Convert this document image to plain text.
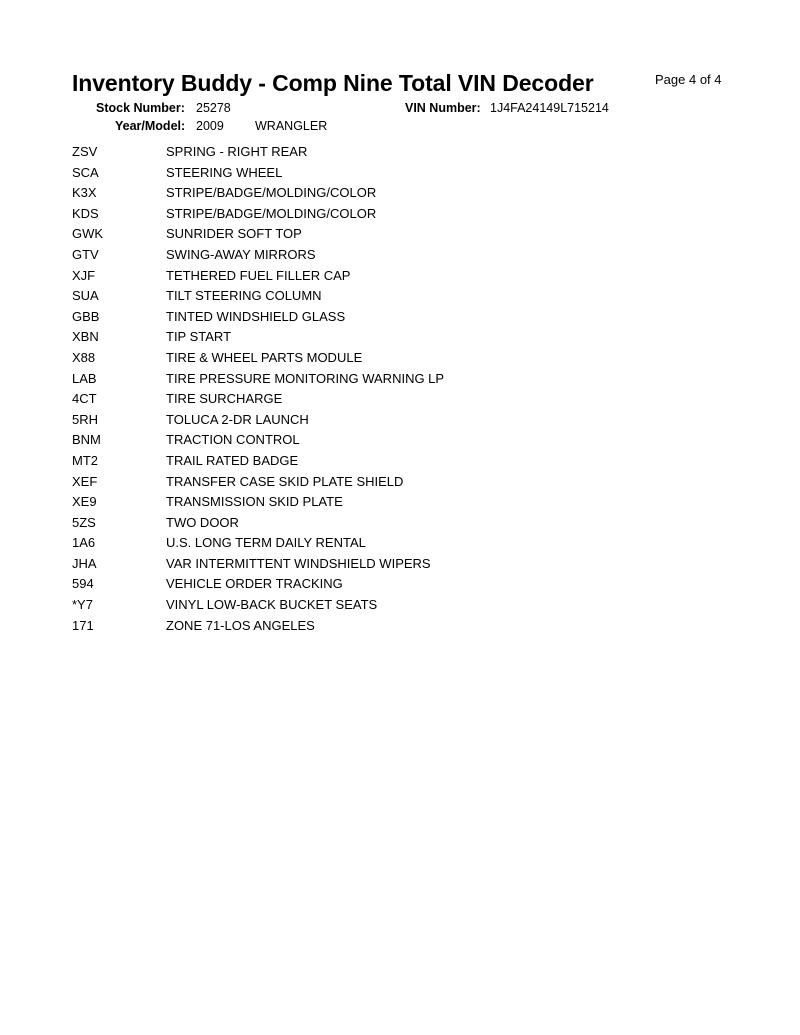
Inventory Buddy - Comp Nine Total VIN Decoder	Page 4 of 4
Stock Number: 25278	VIN Number: 1J4FA24149L715214
Year/Model: 2009 WRANGLER
ZSV	SPRING - RIGHT REAR
SCA	STEERING WHEEL
K3X	STRIPE/BADGE/MOLDING/COLOR
KDS	STRIPE/BADGE/MOLDING/COLOR
GWK	SUNRIDER SOFT TOP
GTV	SWING-AWAY MIRRORS
XJF	TETHERED FUEL FILLER CAP
SUA	TILT STEERING COLUMN
GBB	TINTED WINDSHIELD GLASS
XBN	TIP START
X88	TIRE & WHEEL PARTS MODULE
LAB	TIRE PRESSURE MONITORING WARNING LP
4CT	TIRE SURCHARGE
5RH	TOLUCA 2-DR LAUNCH
BNM	TRACTION CONTROL
MT2	TRAIL RATED BADGE
XEF	TRANSFER CASE SKID PLATE SHIELD
XE9	TRANSMISSION SKID PLATE
5ZS	TWO DOOR
1A6	U.S. LONG TERM DAILY RENTAL
JHA	VAR INTERMITTENT WINDSHIELD WIPERS
594	VEHICLE ORDER TRACKING
*Y7	VINYL LOW-BACK BUCKET SEATS
171	ZONE 71-LOS ANGELES
